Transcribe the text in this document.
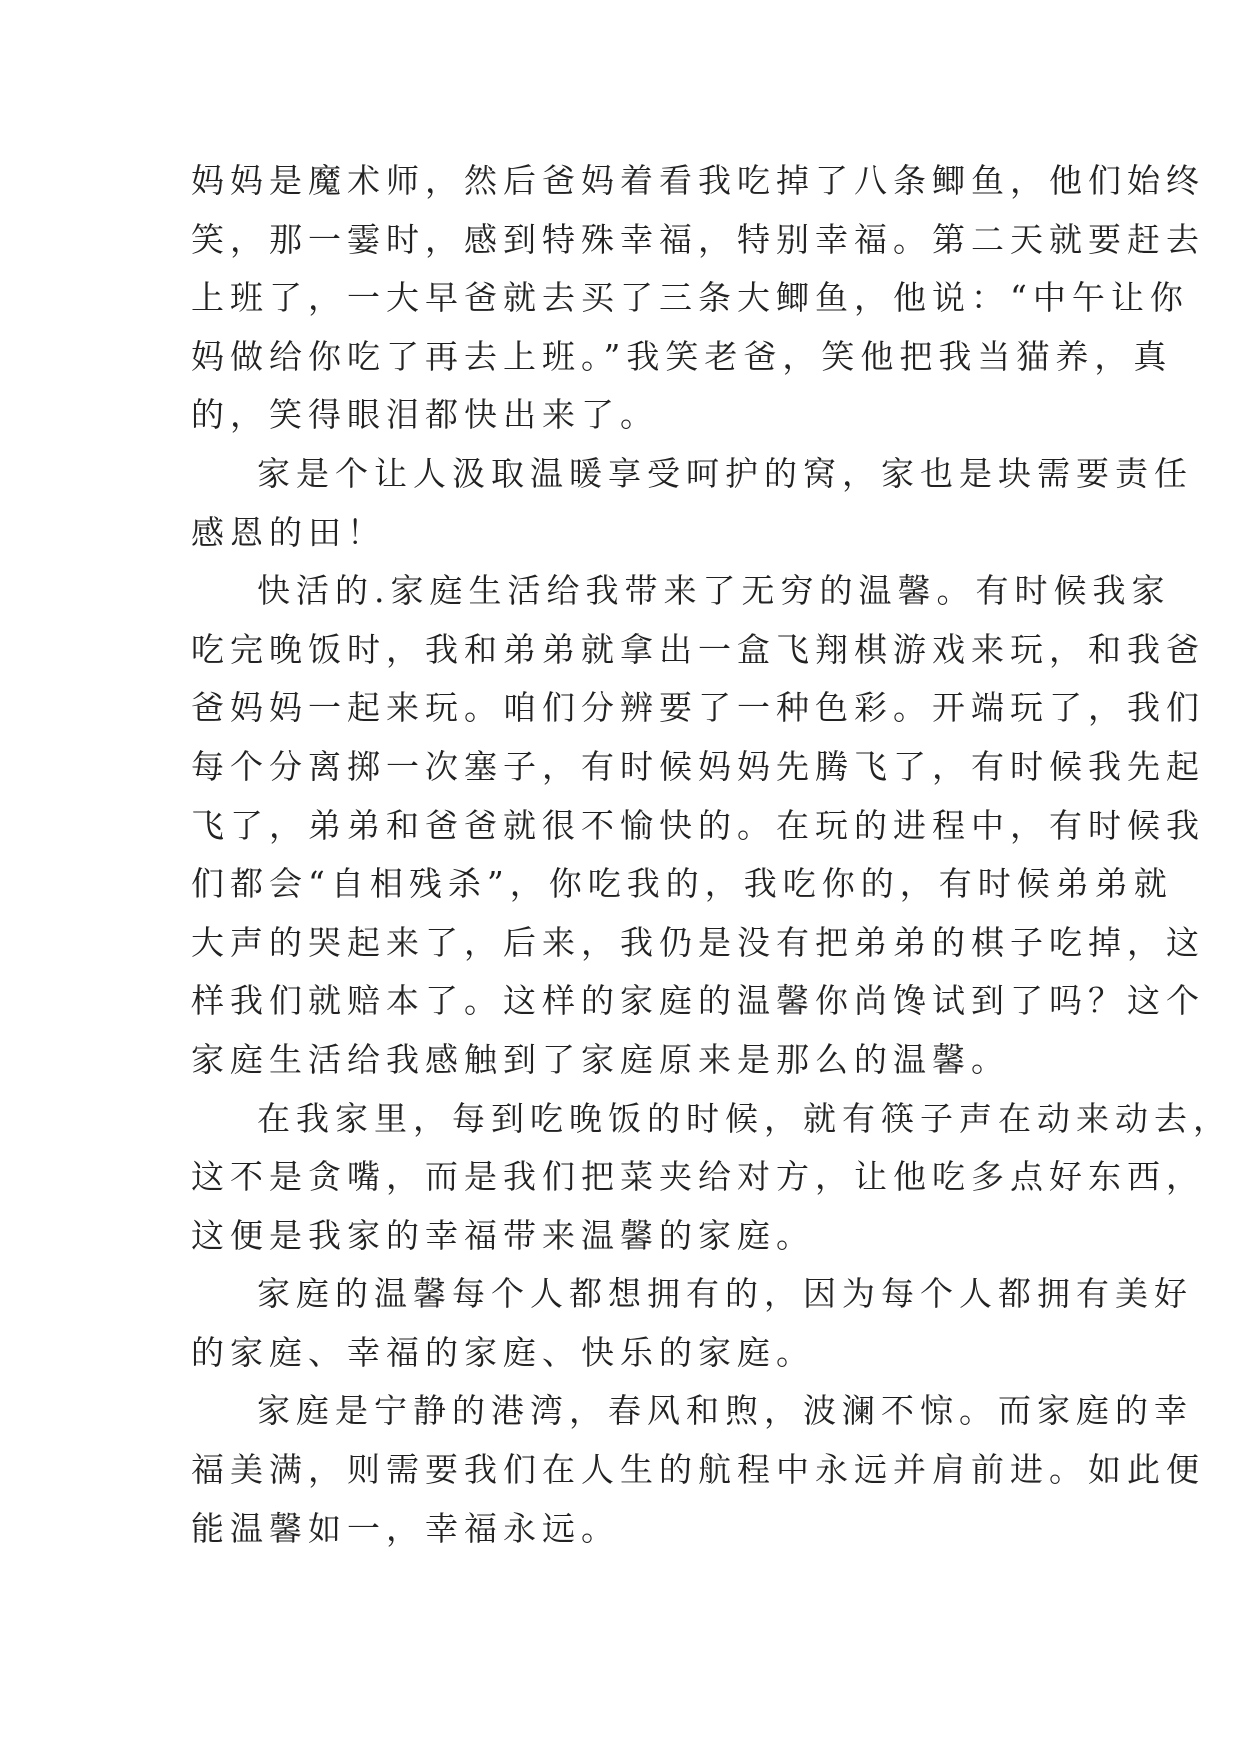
妈妈是魔术师，然后爸妈着看我吃掉了八条鲫鱼，他们始终
笑，那一霎时，感到特殊幸福，特别幸福。第二天就要赶去
上班了，一大早爸就去买了三条大鲫鱼，他说：“中午让你
妈做给你吃了再去上班。”我笑老爸，笑他把我当猫养，真
的，笑得眼泪都快出来了。
家是个让人汲取温暖享受呵护的窝，家也是块需要责任
感恩的田！
快活的.家庭生活给我带来了无穷的温馨。有时候我家
吃完晚饭时，我和弟弟就拿出一盒飞翔棋游戏来玩，和我爸
爸妈妈一起来玩。咱们分辨要了一种色彩。开端玩了，我们
每个分离掷一次塞子，有时候妈妈先腾飞了，有时候我先起
飞了，弟弟和爸爸就很不愉快的。在玩的进程中，有时候我
们都会“自相残杀”，你吃我的，我吃你的，有时候弟弟就
大声的哭起来了，后来，我仍是没有把弟弟的棋子吃掉，这
样我们就赔本了。这样的家庭的温馨你尚馋试到了吗？这个
家庭生活给我感触到了家庭原来是那么的温馨。
在我家里，每到吃晚饭的时候，就有筷子声在动来动去，
这不是贪嘴，而是我们把菜夹给对方，让他吃多点好东西，
这便是我家的幸福带来温馨的家庭。
家庭的温馨每个人都想拥有的，因为每个人都拥有美好
的家庭、幸福的家庭、快乐的家庭。
家庭是宁静的港湾，春风和煦，波澜不惊。而家庭的幸
福美满，则需要我们在人生的航程中永远并肩前进。如此便
能温馨如一，幸福永远。
